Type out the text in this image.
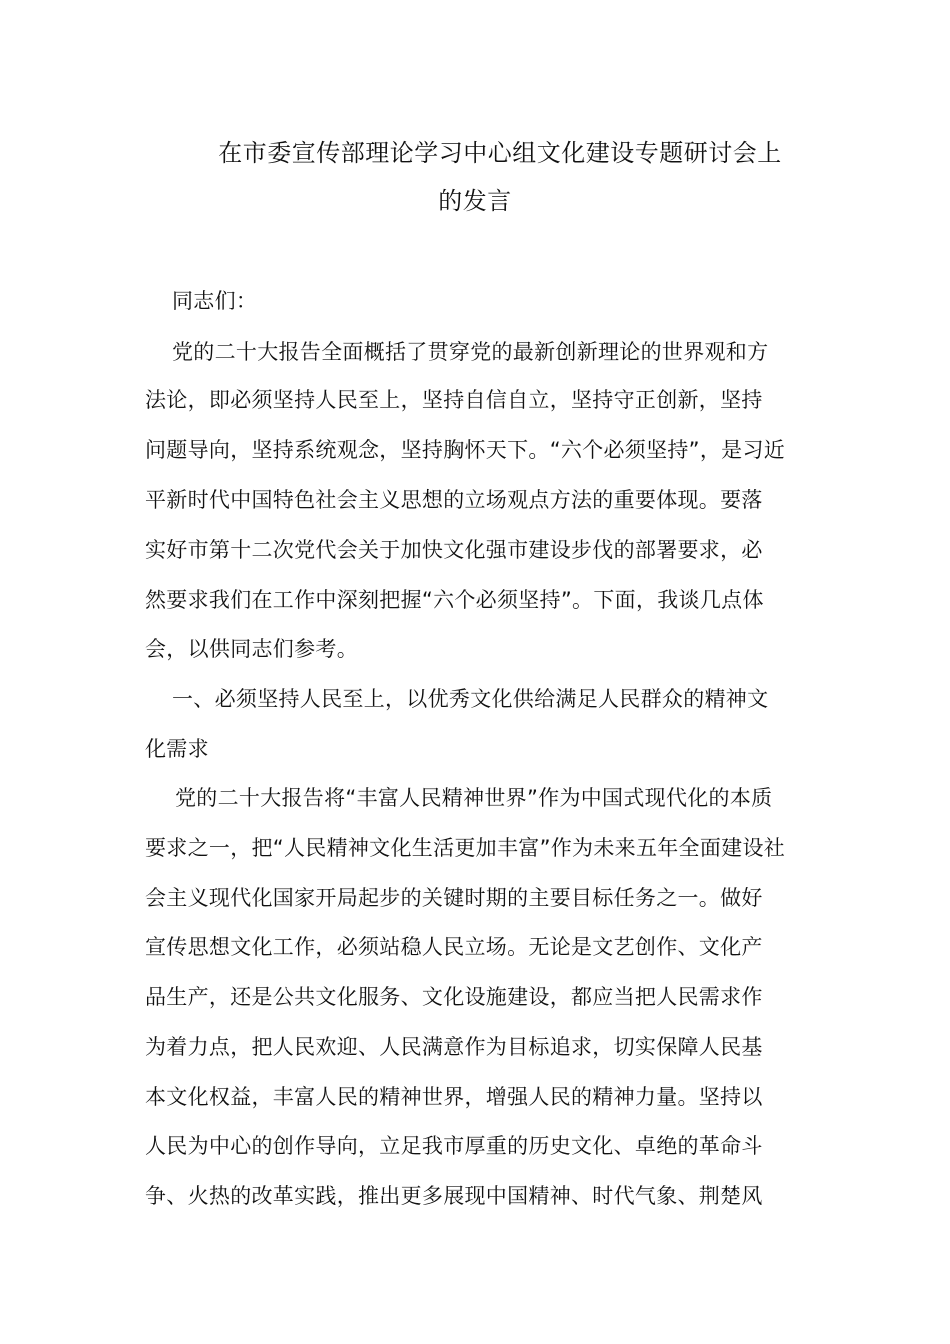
在市委宣传部理论学习中心组文化建设专题研讨会上
的发言
同志们：
党的二十大报告全面概括了贯穿党的最新创新理论的世界观和方
法论，即必须坚持人民至上，坚持自信自立，坚持守正创新，坚持
问题导向，坚持系统观念，坚持胸怀天下。“六个必须坚持”，是习近
平新时代中国特色社会主义思想的立场观点方法的重要体现。要落
实好市第十二次党代会关于加快文化强市建设步伐的部署要求，必
然要求我们在工作中深刻把握“六个必须坚持”。下面，我谈几点体
会，以供同志们参考。
一、必须坚持人民至上，以优秀文化供给满足人民群众的精神文
化需求
党的二十大报告将“丰富人民精神世界”作为中国式现代化的本质
要求之一，把“人民精神文化生活更加丰富”作为未来五年全面建设社
会主义现代化国家开局起步的关键时期的主要目标任务之一。做好
宣传思想文化工作，必须站稳人民立场。无论是文艺创作、文化产
品生产，还是公共文化服务、文化设施建设，都应当把人民需求作
为着力点，把人民欢迎、人民满意作为目标追求，切实保障人民基
本文化权益，丰富人民的精神世界，增强人民的精神力量。坚持以
人民为中心的创作导向，立足我市厚重的历史文化、卓绝的革命斗
争、火热的改革实践，推出更多展现中国精神、时代气象、荆楚风
